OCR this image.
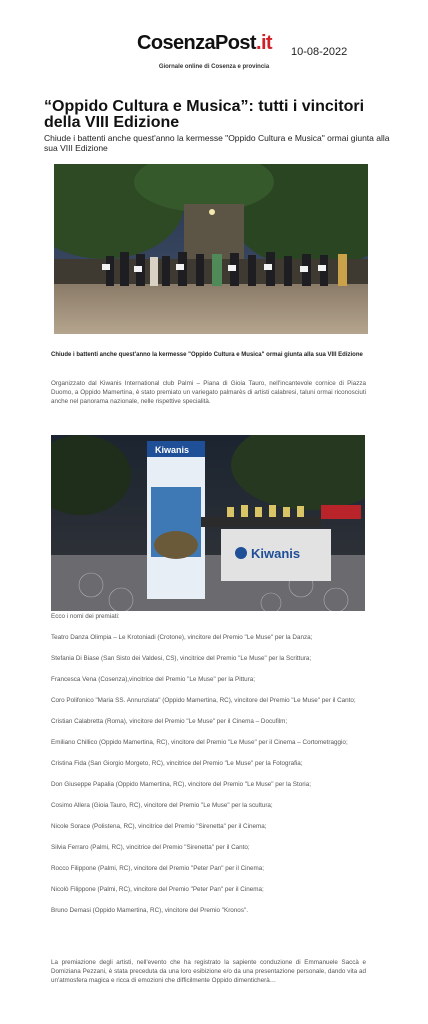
CosenzaPost.it 10-08-2022
Giornale online di Cosenza e provincia
“Oppido Cultura e Musica”: tutti i vincitori della VIII Edizione

Chiude i battenti anche quest'anno la kermesse "Oppido Cultura e Musica" ormai giunta alla sua VIII Edizione

Chiude i battenti anche quest'anno la kermesse "Oppido Cultura e Musica" ormai giunta alla sua VIII Edizione

Organizzato dal Kiwanis International club Palmi – Piana di Gioia Tauro, nell'incantevole cornice di Piazza Duomo, a Oppido Mamertina, è stato premiato un variegato palmarès di artisti calabresi, taluni ormai riconosciuti anche nel panorama nazionale, nelle rispettive specialità.

Kiwanis
Kiwanis
Ecco i nomi dei premiati:
Teatro Danza Olimpia – Le Krotoniadi (Crotone), vincitore del Premio "Le Muse" per la Danza;
Stefania Di Biase (San Sisto dei Valdesi, CS), vincitrice del Premio "Le Muse" per la Scrittura;
Francesca Vena (Cosenza),vincitrice del Premio "Le Muse" per la Pittura;
Coro Polifonico "Maria SS. Annunziata" (Oppido Mamertina, RC), vincitore del Premio "Le Muse" per il Canto;
Cristian Calabretta (Roma), vincitore del Premio "Le Muse" per il Cinema – Docufilm;
Emiliano Chillico (Oppido Mamertina, RC), vincitore del Premio "Le Muse" per il Cinema – Cortometraggio;
Cristina Fida (San Giorgio Morgeto, RC), vincitrice del Premio "Le Muse" per la Fotografia;
Don Giuseppe Papalia (Oppido Mamertina, RC), vincitore del Premio "Le Muse" per la Storia;
Cosimo Allera (Gioia Tauro, RC), vincitore del Premio "Le Muse" per la scultura;
Nicole Sorace (Polistena, RC), vincitrice del Premio "Sirenetta" per il Cinema;
Silvia Ferraro (Palmi, RC), vincitrice del Premio "Sirenetta" per il Canto;
Rocco Filippone (Palmi, RC), vincitore del Premio "Peter Pan" per il Cinema;
Nicolò Filippone (Palmi, RC), vincitore del Premio "Peter Pan" per il Cinema;
Bruno Demasi (Oppido Mamertina, RC), vincitore del Premio "Kronos".

La premiazione degli artisti, nell'evento che ha registrato la sapiente conduzione di Emmanuele Saccà e Domiziana Pezzani, è stata preceduta da una loro esibizione e/o da una presentazione personale, dando vita ad un'atmosfera magica e ricca di emozioni che difficilmente Oppido dimenticherà…
